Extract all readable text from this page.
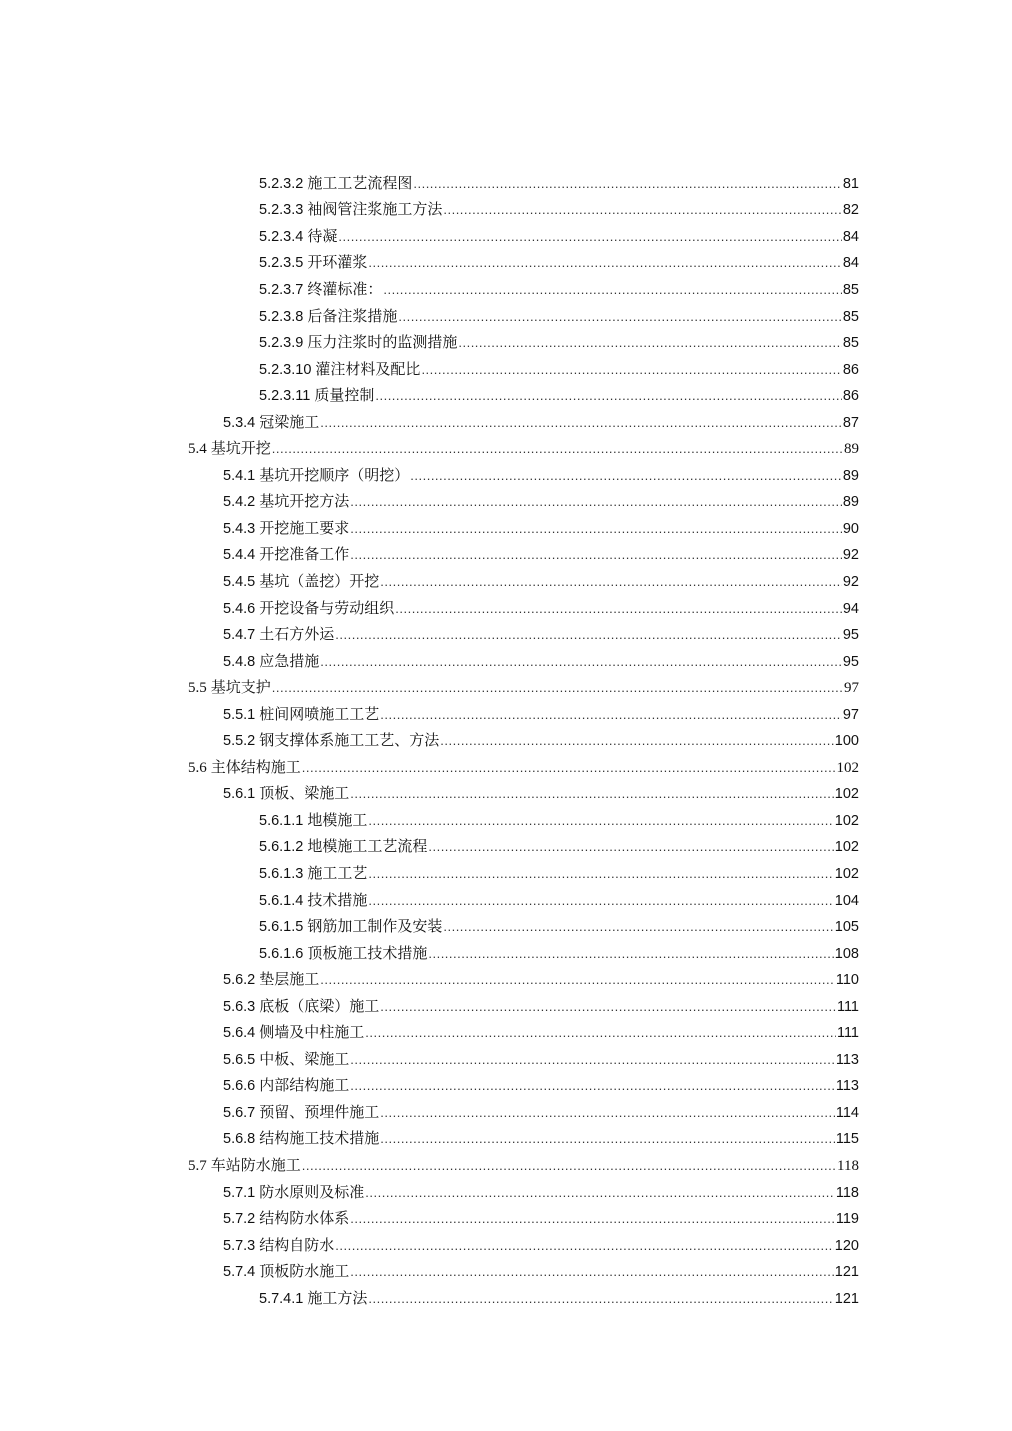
5.2.3.2 施工工艺流程图 .....	81
5.2.3.3 袖阀管注浆施工方法 .....	82
5.2.3.4 待凝 .....	84
5.2.3.5 开环灌浆 .....	84
5.2.3.7 终灌标准： .....	85
5.2.3.8 后备注浆措施 .....	85
5.2.3.9 压力注浆时的监测措施 .....	85
5.2.3.10 灌注材料及配比 .....	86
5.2.3.11 质量控制 .....	86
5.3.4 冠梁施工 .....	87
5.4 基坑开挖 .....	89
5.4.1 基坑开挖顺序（明挖） .....	89
5.4.2 基坑开挖方法 .....	89
5.4.3 开挖施工要求 .....	90
5.4.4 开挖准备工作 .....	92
5.4.5 基坑（盖挖）开挖 .....	92
5.4.6 开挖设备与劳动组织 .....	94
5.4.7 土石方外运 .....	95
5.4.8 应急措施 .....	95
5.5 基坑支护 .....	97
5.5.1 桩间网喷施工工艺 .....	97
5.5.2 钢支撑体系施工工艺、方法 .....	100
5.6 主体结构施工 .....	102
5.6.1 顶板、梁施工 .....	102
5.6.1.1 地模施工 .....	102
5.6.1.2 地模施工工艺流程 .....	102
5.6.1.3 施工工艺 .....	102
5.6.1.4 技术措施 .....	104
5.6.1.5 钢筋加工制作及安装 .....	105
5.6.1.6 顶板施工技术措施 .....	108
5.6.2 垫层施工 .....	110
5.6.3 底板（底梁）施工 .....	111
5.6.4 侧墙及中柱施工 .....	111
5.6.5 中板、梁施工 .....	113
5.6.6 内部结构施工 .....	113
5.6.7 预留、预埋件施工 .....	114
5.6.8 结构施工技术措施 .....	115
5.7 车站防水施工 .....	118
5.7.1 防水原则及标准 .....	118
5.7.2 结构防水体系 .....	119
5.7.3 结构自防水 .....	120
5.7.4 顶板防水施工 .....	121
5.7.4.1 施工方法 .....	121
